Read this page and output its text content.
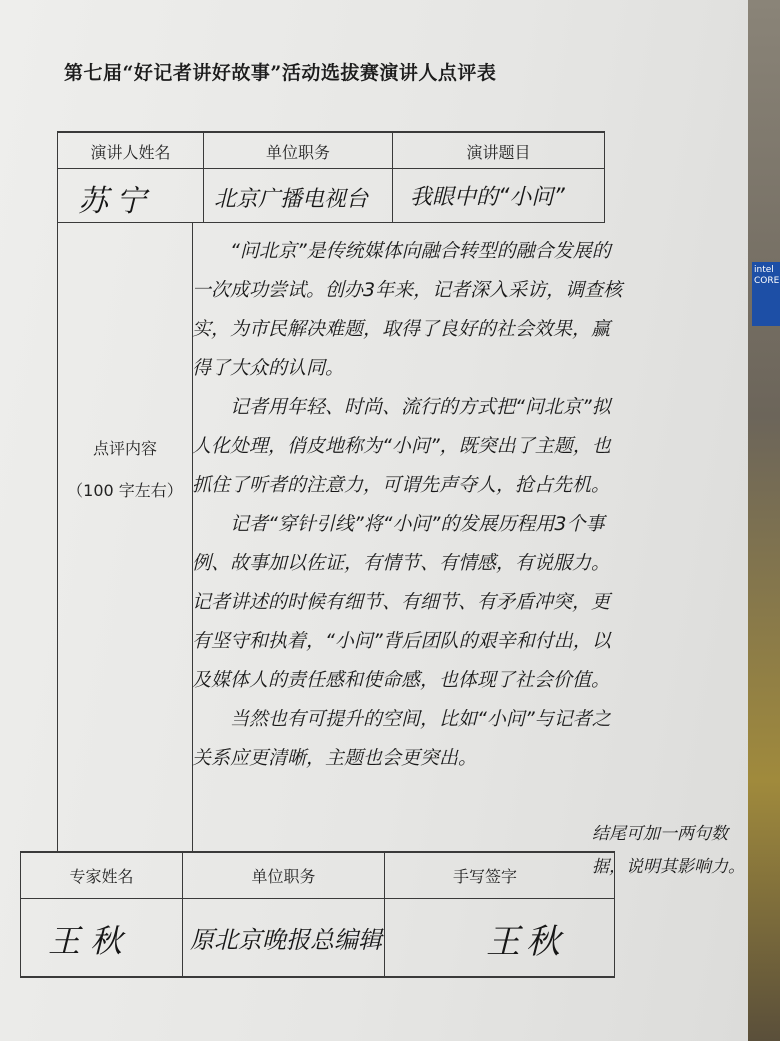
intel CORE
第七届“好记者讲好故事”活动选拔赛演讲人点评表
演讲人姓名	单位职务	演讲题目
苏宁	北京广播电视台 我眼中的“小问”
点评内容
（100 字左右）

“问北京”是传统媒体向融合转型的融合发展的一次成功尝试。创办3年来，记者深入采访，调查核实，为市民解决难题，取得了良好的社会效果，赢得了大众的认同。

记者用年轻、时尚、流行的方式把“问北京”拟人化处理，俏皮地称为“小问”，既突出了主题，也抓住了听者的注意力，可谓先声夺人，抢占先机。

记者“穿针引线”将“小问”的发展历程用3个事例、故事加以佐证，有情节、有情感，有说服力。记者讲述的时候有细节、有细节、有矛盾冲突，更有坚守和执着，“小问”背后团队的艰辛和付出，以及媒体人的责任感和使命感，也体现了社会价值。

当然也有可提升的空间，比如“小问”与记者之关系应更清晰，主题也会更突出。

结尾可加一两句数据，说明其影响力。
专家姓名	单位职务	手写签字
王秋 原北京晚报总编辑	王秋
